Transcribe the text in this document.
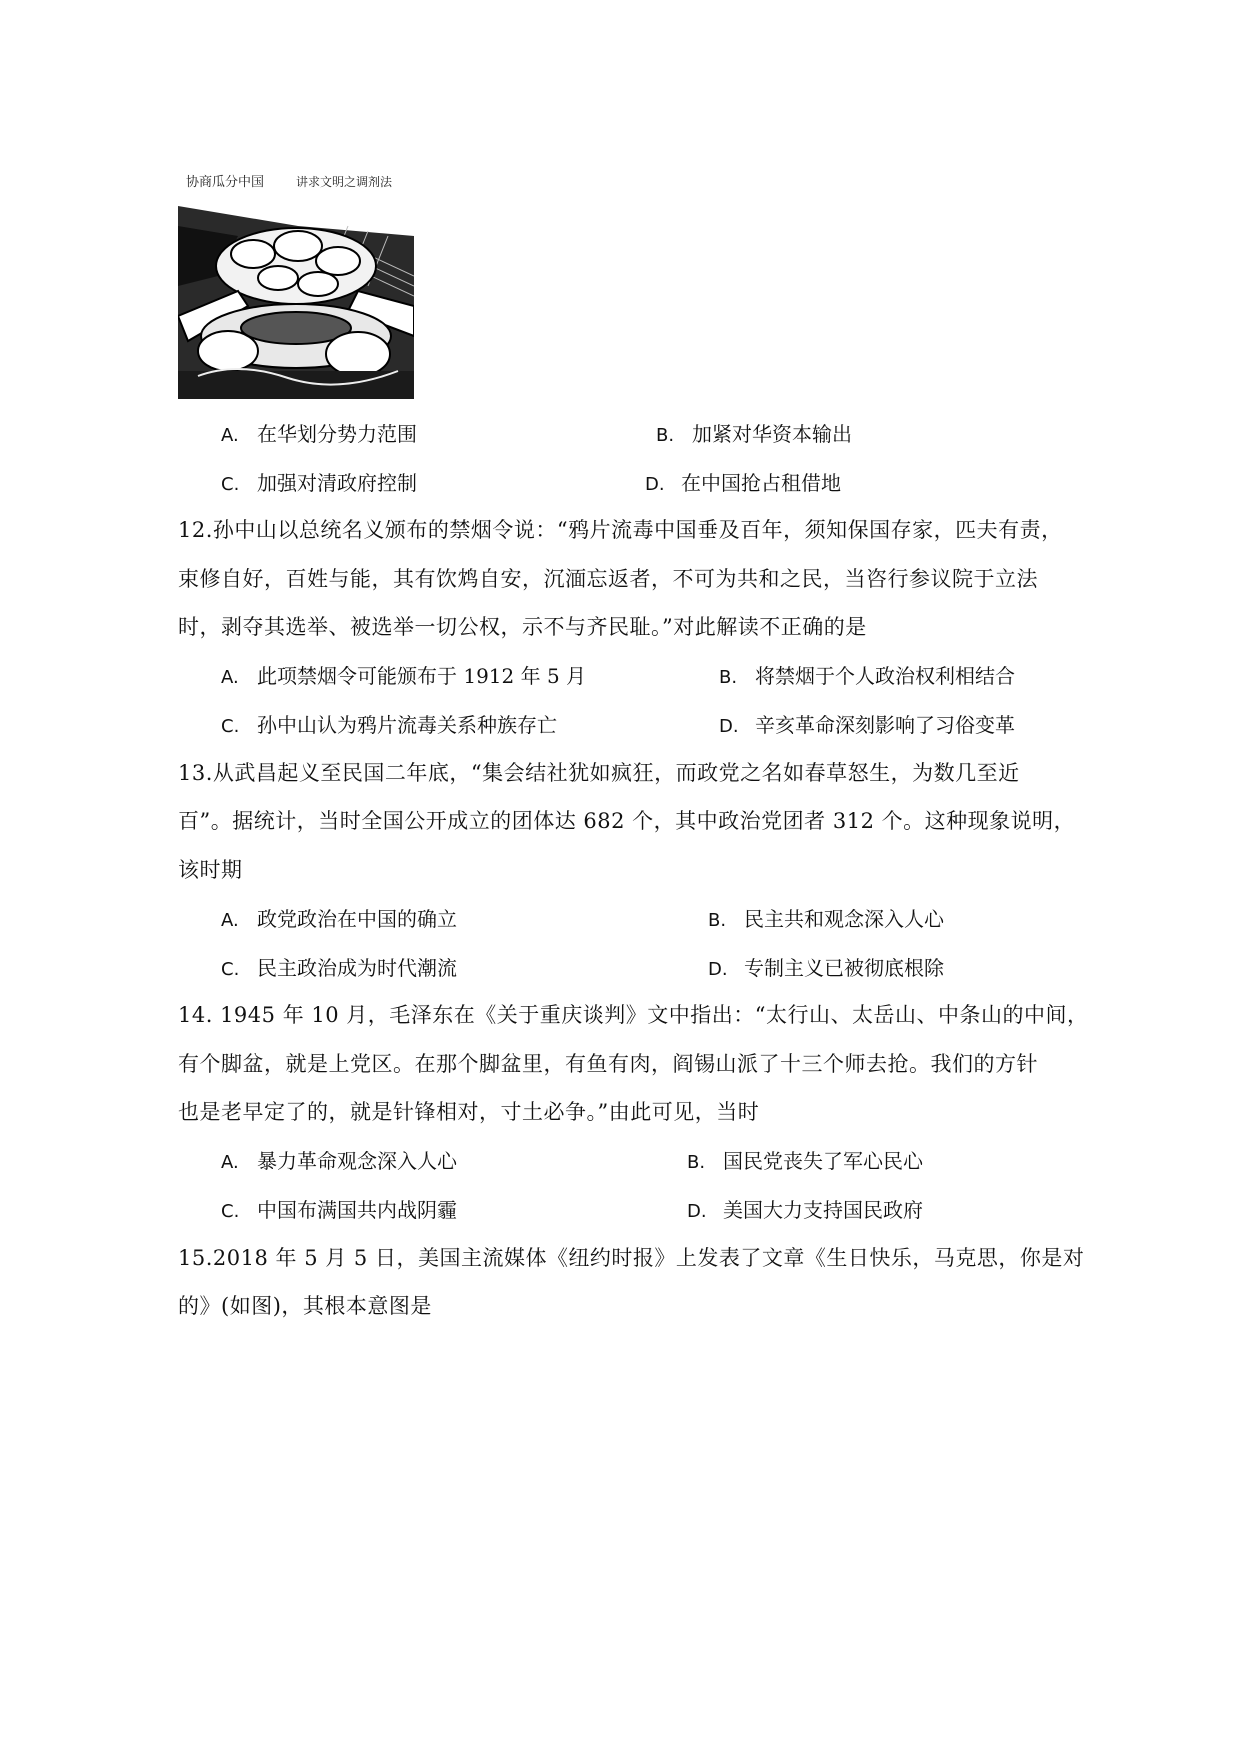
协商瓜分中国	讲求文明之调剂法
A. 在华划分势力范围	B. 加紧对华资本输出
C. 加强对清政府控制	D. 在中国抢占租借地
12.孙中山以总统名义颁布的禁烟令说：“鸦片流毒中国垂及百年，须知保国存家，匹夫有责，
束修自好，百姓与能，其有饮鸩自安，沉湎忘返者，不可为共和之民，当咨行参议院于立法
时，剥夺其选举、被选举一切公权，示不与齐民耻。”对此解读不正确的是
A. 此项禁烟令可能颁布于 1912 年 5 月	B. 将禁烟于个人政治权利相结合
C. 孙中山认为鸦片流毒关系种族存亡	D. 辛亥革命深刻影响了习俗变革
13.从武昌起义至民国二年底，“集会结社犹如疯狂，而政党之名如春草怒生，为数几至近
百”。据统计，当时全国公开成立的团体达 682 个，其中政治党团者 312 个。这种现象说明，
该时期
A. 政党政治在中国的确立	B. 民主共和观念深入人心
C. 民主政治成为时代潮流	D. 专制主义已被彻底根除
14. 1945 年 10 月，毛泽东在《关于重庆谈判》文中指出：“太行山、太岳山、中条山的中间，
有个脚盆，就是上党区。在那个脚盆里，有鱼有肉，阎锡山派了十三个师去抢。我们的方针
也是老早定了的，就是针锋相对，寸土必争。”由此可见，当时
A. 暴力革命观念深入人心	B. 国民党丧失了军心民心
C. 中国布满国共内战阴霾	D. 美国大力支持国民政府
15.2018 年 5 月 5 日，美国主流媒体《纽约时报》上发表了文章《生日快乐，马克思，你是对
的》(如图)，其根本意图是
